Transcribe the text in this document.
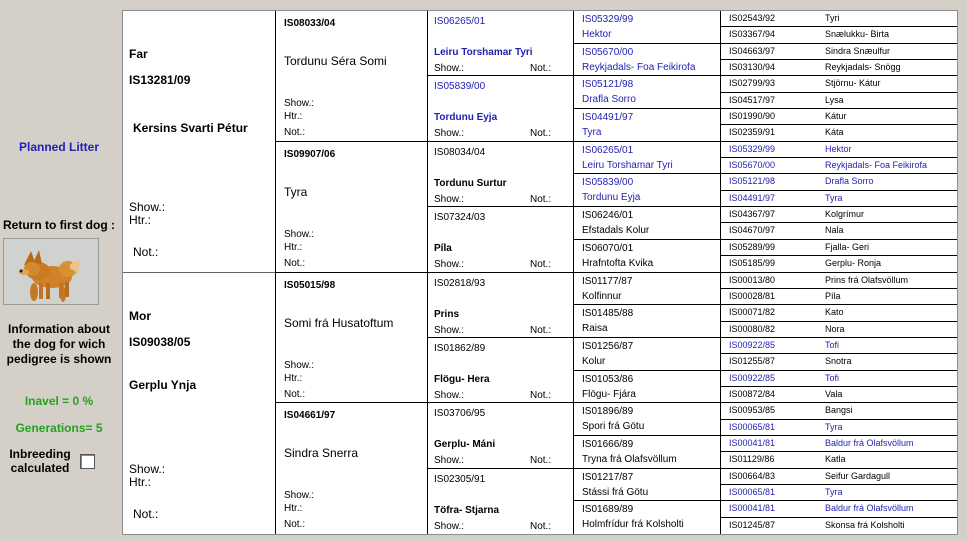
Planned Litter
Return to first dog :
Information about the dog for wich pedigree is shown
Inavel = 0 %
Generations= 5
Inbreeding calculated
Far
IS13281/09
Kersins Svarti Pétur
Show.:
Htr.:
Not.:
Mor
IS09038/05
Gerplu Ynja
Show.:
Htr.:
Not.:
IS08033/04
Tordunu Séra Somi
Show.:
Htr.:
Not.:
IS09907/06
Tyra
Show.:
Htr.:
Not.:
IS05015/98
Somi frá Husatoftum
Show.:
Htr.:
Not.:
IS04661/97
Sindra Snerra
Show.:
Htr.:
Not.:
IS06265/01
Leiru Torshamar Tyri
Show.:	Not.:
IS05839/00
Tordunu Eyja
Show.:	Not.:
IS08034/04
Tordunu Surtur
Show.:	Not.:
IS07324/03
Píla
Show.:	Not.:
IS02818/93
Prins
Show.:	Not.:
IS01862/89
Flögu- Hera
Show.:	Not.:
IS03706/95
Gerplu- Máni
Show.:	Not.:
IS02305/91
Töfra- Stjarna
Show.:	Not.:
IS05329/99
Hektor
IS05670/00
Reykjadals- Foa Feikirofa
IS05121/98
Drafla Sorro
IS04491/97
Tyra
IS06265/01
Leiru Torshamar Tyri
IS05839/00
Tordunu Eyja
IS06246/01
Efstadals Kolur
IS06070/01
Hrafntofta Kvika
IS01177/87
Kolfinnur
IS01485/88
Raisa
IS01256/87
Kolur
IS01053/86
Flögu- Fjára
IS01896/89
Spori frá Götu
IS01666/89
Tryna frá Olafsvöllum
IS01217/87
Stássi frá Götu
IS01689/89
Holmfrídur frá Kolsholti
IS02543/92	Tyri
IS03367/94	Snælukku- Birta
IS04663/97	Sindra Snæulfur
IS03130/94	Reykjadals- Snögg
IS02799/93	Stjörnu- Kátur
IS04517/97	Lysa
IS01990/90	Kátur
IS02359/91	Káta
IS05329/99	Hektor
IS05670/00	Reykjadals- Foa Feikirofa
IS05121/98	Drafla Sorro
IS04491/97	Tyra
IS04367/97	Kolgrímur
IS04670/97	Nala
IS05289/99	Fjalla- Geri
IS05185/99	Gerplu- Ronja
IS00013/80	Prins frá Olafsvöllum
IS00028/81	Píla
IS00071/82	Kato
IS00080/82	Nora
IS00922/85	Tofi
IS01255/87	Snotra
IS00922/85	Tofi
IS00872/84	Vala
IS00953/85	Bangsi
IS00065/81	Tyra
IS00041/81	Baldur frá Olafsvöllum
IS01129/86	Katla
IS00664/83	Seifur Gardagull
IS00065/81	Tyra
IS00041/81	Baldur frá Olafsvöllum
IS01245/87	Skonsa frá Kolsholti
